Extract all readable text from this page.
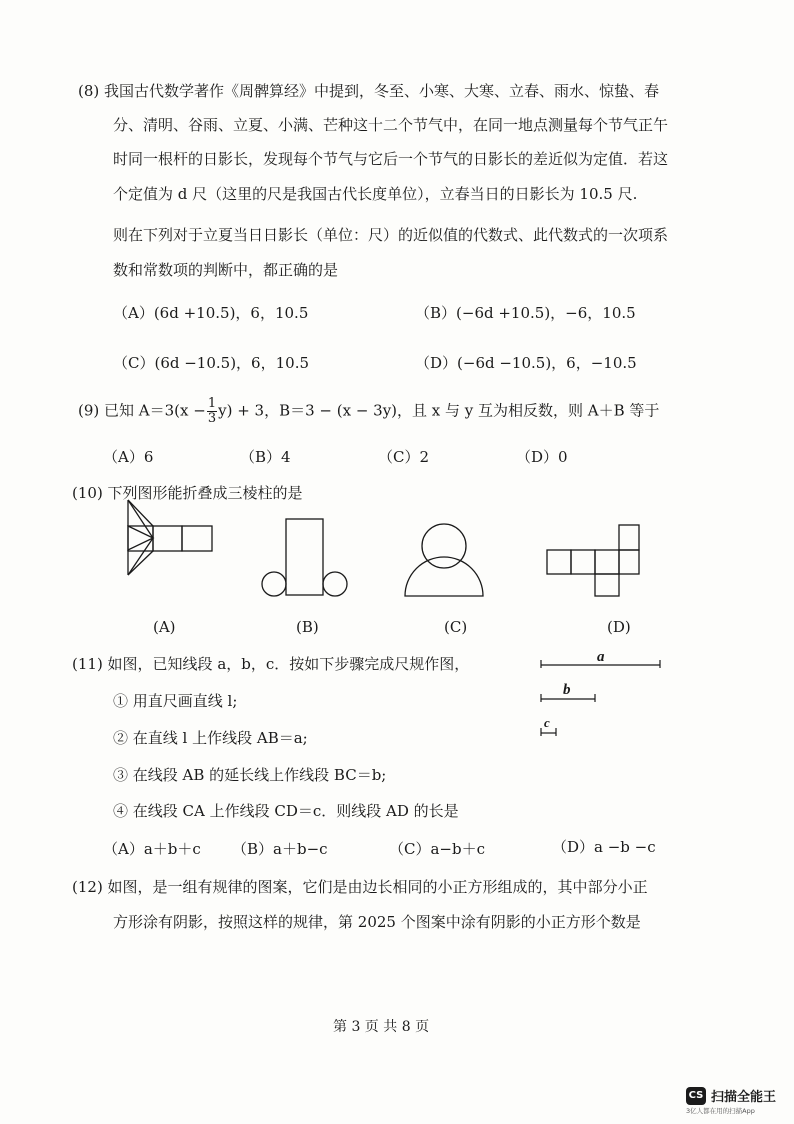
(8) 我国古代数学著作《周髀算经》中提到，冬至、小寒、大寒、立春、雨水、惊蛰、春
分、清明、谷雨、立夏、小满、芒种这十二个节气中，在同一地点测量每个节气正午
时同一根杆的日影长，发现每个节气与它后一个节气的日影长的差近似为定值．若这
个定值为 d 尺（这里的尺是我国古代长度单位），立春当日的日影长为 10.5 尺.
则在下列对于立夏当日日影长（单位：尺）的近似值的代数式、此代数式的一次项系
数和常数项的判断中，都正确的是
（A）(6d +10.5)，6，10.5	（B）(−6d +10.5)，−6，10.5
（C）(6d −10.5)，6，10.5	（D）(−6d −10.5)，6，−10.5
(9) 已知 $A=3(x - \frac{1}{3} y) + 3$，B＝3 − (x − 3y)，且 x 与 y 互为相反数，则 A＋B 等于
（A）6	（B）4	（C）2	（D）0
(10) 下列图形能折叠成三棱柱的是
(A)	(B)	(C)	(D)
(11) 如图，已知线段 a，b，c．按如下步骤完成尺规作图，
① 用直尺画直线 l;
② 在直线 l 上作线段 AB＝a;
③ 在线段 AB 的延长线上作线段 BC＝b;
④ 在线段 CA 上作线段 CD＝c．则线段 AD 的长是
a
b
c
（A）a＋b＋c （B）a＋b−c	（C）a−b＋c	（D）a −b −c
(12) 如图，是一组有规律的图案，它们是由边长相同的小正方形组成的，其中部分小正
方形涂有阴影，按照这样的规律，第 2025 个图案中涂有阴影的小正方形个数是
第 3 页 共 8 页
CS 扫描全能王
3亿人都在用的扫描App
